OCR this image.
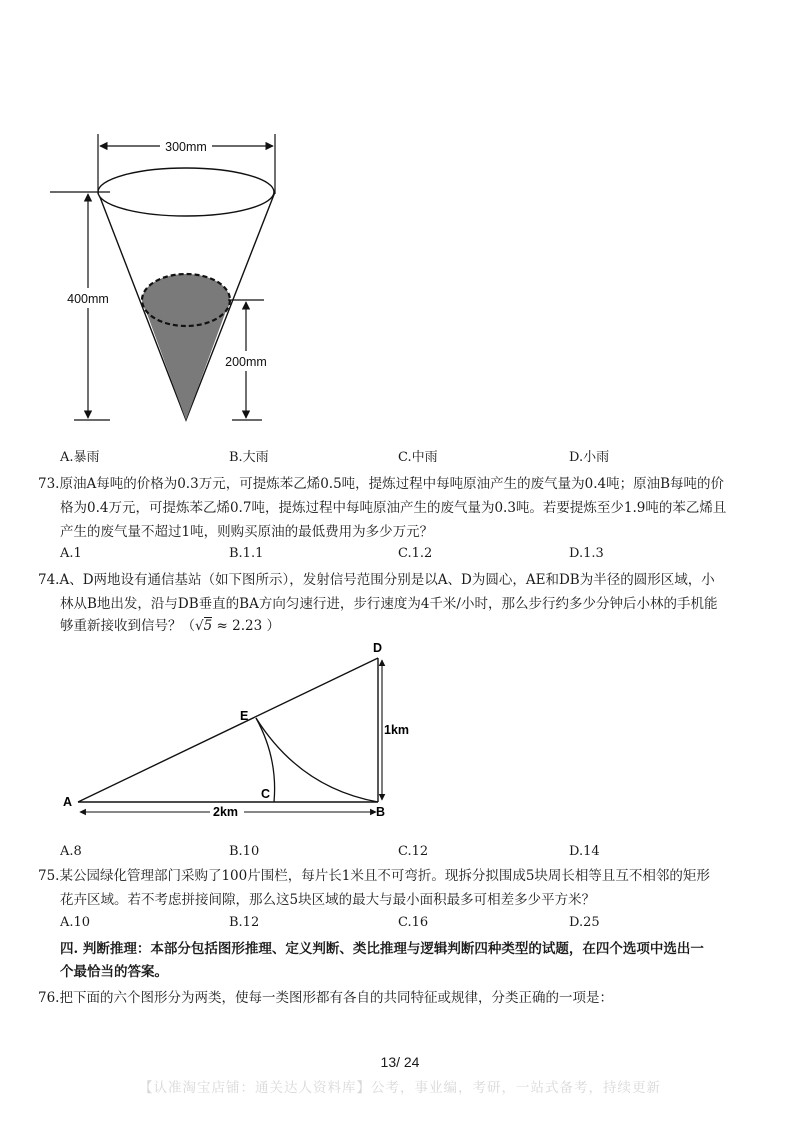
300mm
400mm
200mm
A.暴雨	B.大雨	C.中雨	D.小雨
73.原油A每吨的价格为0.3万元，可提炼苯乙烯0.5吨，提炼过程中每吨原油产生的废气量为0.4吨；原油B每吨的价
格为0.4万元，可提炼苯乙烯0.7吨，提炼过程中每吨原油产生的废气量为0.3吨。若要提炼至少1.9吨的苯乙烯且
产生的废气量不超过1吨，则购买原油的最低费用为多少万元？
A.1	B.1.1	C.1.2	D.1.3
74.A、D两地设有通信基站（如下图所示），发射信号范围分别是以A、D为圆心，AE和DB为半径的圆形区域，小
林从B地出发，沿与DB垂直的BA方向匀速行进，步行速度为4千米/小时，那么步行约多少分钟后小林的手机能
够重新接收到信号？（√5 ≈ 2.23 ）
D
E
A
C
B
1km
2km
A.8	B.10	C.12	D.14
75.某公园绿化管理部门采购了100片围栏，每片长1米且不可弯折。现拆分拟围成5块周长相等且互不相邻的矩形
花卉区域。若不考虑拼接间隙，那么这5块区域的最大与最小面积最多可相差多少平方米？
A.10	B.12	C.16	D.25
四. 判断推理：本部分包括图形推理、定义判断、类比推理与逻辑判断四种类型的试题，在四个选项中选出一
个最恰当的答案。
76.把下面的六个图形分为两类，使每一类图形都有各自的共同特征或规律，分类正确的一项是：
13/ 24
【认准淘宝店铺：通关达人资料库】公考，事业编，考研，一站式备考，持续更新
